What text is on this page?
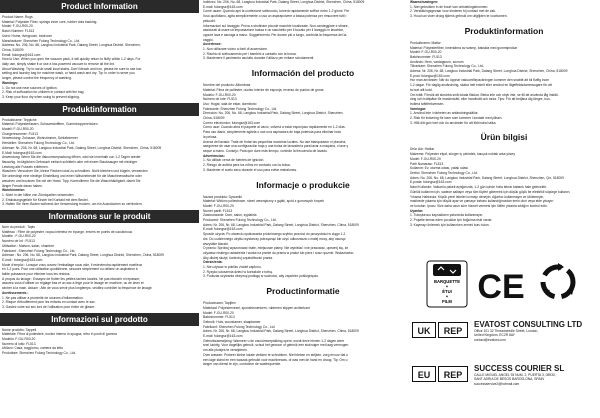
Product Information
Product Name: Rugs
Material: Polyester Fiber, springs inner core, rubber dots backing.
Model: F-GU-R00-20
Batch Number: FL513
Used: Home, livingroom, bedroom
Manufacturer: Shenzhen Fulong Technology Co., Ltd.
Address: No. 206, No. 68, Langkou Industrial Park, Dalang Street, Longhua District, Shenzhen,
China, 518009
Email: fulongsz@163.com
How to Use: When you open the vacuum pack, it will quickly return to fluffy within 1-2 days. For
daily use, simply shake it or use a low-powered vacuum to remove all the lint.
About Washing: Try to scrub small local stains. Don't bleach and iron, please be sure to use low
setting and laundry bag for machine wash, or hand wash and dry. Tip: In order to serve you
longer, please control the frequency of washing.
Warnings:
1. Do not use near sources of ignition.
2. Risk of suffocation for children in contact with the bag.
3. Keep your floor dry when using to prevent slipping.
Produktinformation
Produktname: Teppiche
Material: Polyesterfasern, Schaumstofffern, Gumminoppenrücken
Modell: F-GU-R00-20
Chargennummer: FL513
Verwendung: Zuhause, Wohnzimmer, Schlafzimmer
Hersteller: Shenzhen Fulong Technology Co., Ltd.
Adresse: Nr. 206, Nr. 68, Langkou Industrial Park, Dalang Street, Longhua District, Shenzhen, China, 518009
E-Mail: fulongsz@163.com
Anwendung: Wenn Sie die Vakuumverpackung öffnen, wird sie innerhalb von 1-2 Tagen wieder
flauschig. Im täglichen Gebrauch einfach schütteln oder mit einem Staubsauger mit niedriger
Leistung alle Fusseln entfernen.
Waschen: Versuchen Sie, kleine Flecken lokal zu schrubben. Nicht bleichen und bügeln, verwenden
Sie unbedingt eine niedrige Einstellung und einen Wäschebeutel für die Maschinenwäsche oder
waschen und trocknen Sie mit der Hand. Tipp: Kontrollieren Sie die Waschhäufigkeit, damit Sie
länger Freude daran haben.
Warnhinweise:
1. Nicht in der Nähe von Zündquellen verwenden.
2. Erstickungsgefahr für Kinder bei Kontakt mit dem Beutel.
3. Halten Sie Ihren Boden während der Verwendung trocken, um ein Ausrutschen zu verhindern.
Informations sur le produit
Nom du produit : Tapis
Matériau : Fibre de polyester, noyau intérieur en éponge, envers en points de caoutchouc
Modèle : F-GU-R00-20
Numéro de lot : FL513
Utilisation : Maison, salon, chambre
Fabricant : Shenzhen Fulong Technology Co., Ltd.
Adresse : No. 206, No. 68, Langkou Industrial Park, Dalang Street, Longhua District, Shenzhen, China, 518009
E-mail : fulongsz@163.com
Mode d'emploi : Lorsque vous ouvrez l'emballage sous vide, il redeviendra rapidement moelleux
en 1-2 jours. Pour une utilisation quotidienne, secouez simplement ou utilisez un aspirateur à
faible puissance pour éliminer tous les résidus.
À propos du lavage : Essayez de frotter les petites taches locales. Ne pas blanchir ni repasser,
assurez-vous d'utiliser un réglage bas et un sac à linge pour le lavage en machine, ou de laver et
sécher à la main. Astuce : Afin de vous servir plus longtemps, veuillez contrôler la fréquence de lavage.
Avertissements :
1. Ne pas utiliser à proximité de sources d'inflammation.
2. Risque d'étouffement pour les enfants en contact avec le sac.
3. Gardez votre sol sec lors de l'utilisation pour éviter de glisser.
Informazioni sul prodotto
Nome prodotto: Tappeti
Materiale: Fibra di poliestere, nucleo interno in spugna, retro in punti di gomma
Modello: F-GU-R00-20
Numero di lotto: FL513
Utilizzo: Casa, soggiorno, camera da letto
Produttore: Shenzhen Fulong Technology Co., Ltd.
Indirizzo: No. 206, No. 68, Langkou Industrial Park, Dalang Street, Longhua District, Shenzhen, China, 518009
E-mail: fulongsz@163.com
Come usare: Quando apri la confezione sottovuoto, tornerà rapidamente soffice entro 1-2 giorni. Per
l'uso quotidiano, agita semplicemente o usa un aspirapolvere a bassa potenza per rimuovere tutti i
pelucchi.
Informazioni sul lavaggio: Prova a strofinare piccole macchie localizzate. Non candeggiare e stirare,
assicurati di usare un'impostazione bassa e un sacchetto per il bucato per il lavaggio in lavatrice,
oppure lava e asciuga a mano. Suggerimento: Per durare più a lungo, controlla la frequenza del la-
vaggio.
Avvertenze:
1. Non utilizzare vicino a fonti di accensione.
2. Rischio di soffocamento per i bambini a contatto con la borsa.
3. Mantenere il pavimento asciutto durante l'utilizzo per evitare scivolamenti.
Información del producto
Nombre del producto: Alfombras
Material: Fibra de poliéster, núcleo interior de esponja, reverso de puntos de goma
Modelo: F-GU-R00-20
Número de lote: FL513
Uso: Hogar, sala de estar, dormitorio
Fabricante: Shenzhen Fulong Technology Co., Ltd.
Dirección: No. 206, No. 68, Langkou Industrial Park, Dalang Street, Longhua District, Shenzhen,
China, 518009
Correo electrónico: fulongsz@163.com
Cómo usar: Cuando abra el paquete al vacío, volverá a estar esponjoso rápidamente en 1-2 días.
Para uso diario, simplemente agítela o use una aspiradora de baja potencia para eliminar toda
la pelusa.
Acerca del lavado: Trate de frotar las pequeñas manchas locales. No use blanqueador ni plancha,
asegúrese de usar una configuración baja y una bolsa de lavandería para lavar a máquina, o lave y
seque a mano. Consejo: Para que dure más tiempo, controle la frecuencia de lavado.
Advertencias:
1. No utilizar cerca de fuentes de ignición.
2. Riesgo de asfixia para los niños en contacto con la bolsa.
3. Mantener el suelo seco durante el uso para evitar resbalones.
Informacje o produkcie
Nazwa produktu: Dywaniki
Materiał: Włókno poliestrowe, rdzeń wewnętrzny z gąbki, spód z gumowych kropek
Model: F-GU-R00-20
Numer partii: FL513
Zastosowanie: Dom, salon, sypialnia
Producent: Shenzhen Fulong Technology Co., Ltd.
Adres: Nr. 206, Nr. 68, Langkou Industrial Park, Dalang Street, Longhua District, Shenzhen, China, 518009
E-mail: fulongsz@163.com
Sposób użycia: Po otwarciu opakowania próżniowego szybko powróci do puszystości w ciągu 1-2
dni. Do codziennego użytku wystarczy potrząsnąć lub użyć odkurzacza o małej mocy, aby usunąć
wszystkie kłaczki.
O praniu: Spróbuj wyszorować małe, miejscowe plamy. Nie wybielać i nie prasować, upewnij się, że
używasz niskiego ustawienia i worka na pranie do prania w pralce lub pierz i susz ręcznie. Wskazówka:
Aby dłużej służył, kontroluj częstotliwość prania.
Ostrzeżenia:
1. Nie używać w pobliżu źródeł zapłonu.
2. Ryzyko uduszenia dzieci w kontakcie z torbą.
3. Podczas używania utrzymuj podłogę w suchości, aby zapobiec poślizgnięciu.
Productinformatie
Productnaam: Tapijten
Materiaal: Polyestervezel, sponsbinnenkern, rubberen stippen achterkant
Model: F-GU-R00-20
Batchnummer: FL513
Gebruik: Huis, woonkamer, slaapkamer
Fabrikant: Shenzhen Fulong Technology Co., Ltd.
Adres: Nr. 206, Nr. 68, Langkou Industrial Park, Dalang Street, Longhua District, Shenzhen, China, 518009
E-mail: fulongsz@163.com
Gebruiksaanwijzing: Wanneer u de vacuümverpakking opent, wordt deze binnen 1-2 dagen weer
snel luchtig. Voor dagelijks gebruik, schud het gewoon of gebruik een stofzuiger met laag vermogen
om alle pluisjes te verwijderen.
Over wassen: Probeer kleine lokale vlekken te schrobben. Niet bleken en strijken, zorg ervoor dat u
een lage stand en een waszak gebruikt voor machinewas, of was met de hand en droog. Tip: Om u
langer van dienst te zijn, controleer de wasfrequentie.
Waarschuwingen:
1. Niet gebruiken in de buurt van ontstekingsbronnen.
2. Verstikkingsgevaar voor kinderen bij contact met de zak.
3. Houd uw vloer droog tijdens gebruik om uitglijden te voorkomen.
Produktinformation
Produktnamn: Mattor
Material: Polyesterfiber, innerkärna av svamp, baksida med gummiprickar
Modell: F-GU-R00-20
Batchnummer: FL513
Används: Hem, vardagsrum, sovrum
Tillverkare: Shenzhen Fulong Technology Co., Ltd.
Adress: Nr. 206, Nr. 68, Langkou Industrial Park, Dalang Street, Longhua District, Shenzhen, China, 518009
E-post: fulongsz@163.com
Hur man använder: När du öppnar vakuumförpackningen kommer den snabbt att bli fluffig inom
1-2 dagar. För daglig användning, skaka helt enkelt eller använd en lågeffektsdammsugare för att
ta bort allt ludd.
Om tvätt: Försök att skrubba små lokala fläckar. Bleka inte och stryk inte, se till att använda låg inställ-
ning och tvättpåse för maskintvätt, eller handtvätt och torka. Tips: För att betjäna dig längre, kon-
trollera tvättfrekvensen.
Varningar:
1. Använd inte i närheten av antändningskällor.
2. Risk för kvävning för barn som kommer i kontakt med påsen.
3. Håll ditt golv torrt när du använder för att förhindra halka.
Ürün bilgisi
Ürün Adı: Halılar
Malzeme: Polyester elyaf, sünger iç çekirdek, kauçuk noktalı arka yüzey
Model: F-GU-R00-20
Parti Numarası: FL513
Kullanım: Ev, oturma odası, yatak odası
Üretici: Shenzhen Fulong Technology Co., Ltd.
Adres: No. 206, No. 68, Langkou Industrial Park, Dalang Street, Longhua District, Shenzhen, Çin, 518009
E-posta: fulongsz@163.com
Nasıl Kullanılır: Vakumlu paketi açtığınızda, 1-2 gün içinde hızla tekrar kabarık hale gelecektir.
Günlük kullanım için, sadece sallayın veya tüm tüyleri gidermek için düşük güçlü bir elektrikli süpürge kullanın.
Yıkama Hakkında: Küçük yerel lekeleri ovmayı deneyin. Ağartıcı kullanmayın ve ütülemeyin,
makinede yıkama için düşük ayar ve çamaşır torbası kullandığınızdan emin olun veya elde yıkayın
ve kurutun. İpucu: Size daha uzun süre hizmet vermesi için lütfen yıkama sıklığını kontrol edin.
Uyarılar:
1. Tutuşturucu kaynakların yakınında kullanmayın.
2. Poşetle temas eden çocuklar için boğulma riski vardır.
3. Kaymayı önlemek için kullanırken zemini kuru tutun.
BARQUETTE
+
ÉTUI
+
FILM CE
UK	REP
EVATOST CONSULTING LTD
Office 101 32 Threadneedle Street, London,
United Kingdom, EC2R 8AY
contact@evatost.com
EU	REP
SUCCESS COURIER SL
CALLE MIGUEL ANGEL 93 NUM. 2, PUERTA 3, 08930,
SANT ADRIA DE BESOS BARCELONA, SPAIN
successservice2@hotmail.com
